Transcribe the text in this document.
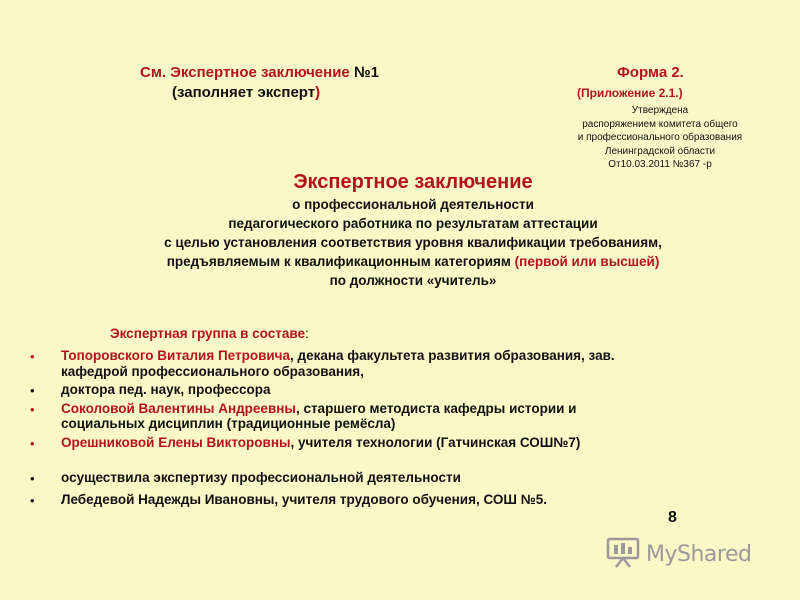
См. Экспертное заключение №1
(заполняет эксперт)
Форма 2.
(Приложение 2.1.)
Утверждена
распоряжением комитета общего
и профессионального образования
Ленинградской области
От10.03.2011 №367 -р
Экспертное заключение
о профессиональной деятельности
педагогического работника по результатам аттестации
с целью установления соответствия уровня квалификации требованиям,
предъявляемым к квалификационным категориям (первой или высшей)
по должности «учитель»
Экспертная группа в составе:
• Топоровского Виталия Петровича, декана факультета развития образования, зав.
кафедрой профессионального образования,
• доктора пед. наук, профессора
• Соколовой Валентины Андреевны, старшего методиста кафедры истории и
социальных дисциплин (традиционные ремёсла)
• Орешниковой Елены Викторовны, учителя технологии (Гатчинская СОШ№7)
• осуществила экспертизу профессиональной деятельности
• Лебедевой Надежды Ивановны, учителя трудового обучения, СОШ №5.
8
MyShared
